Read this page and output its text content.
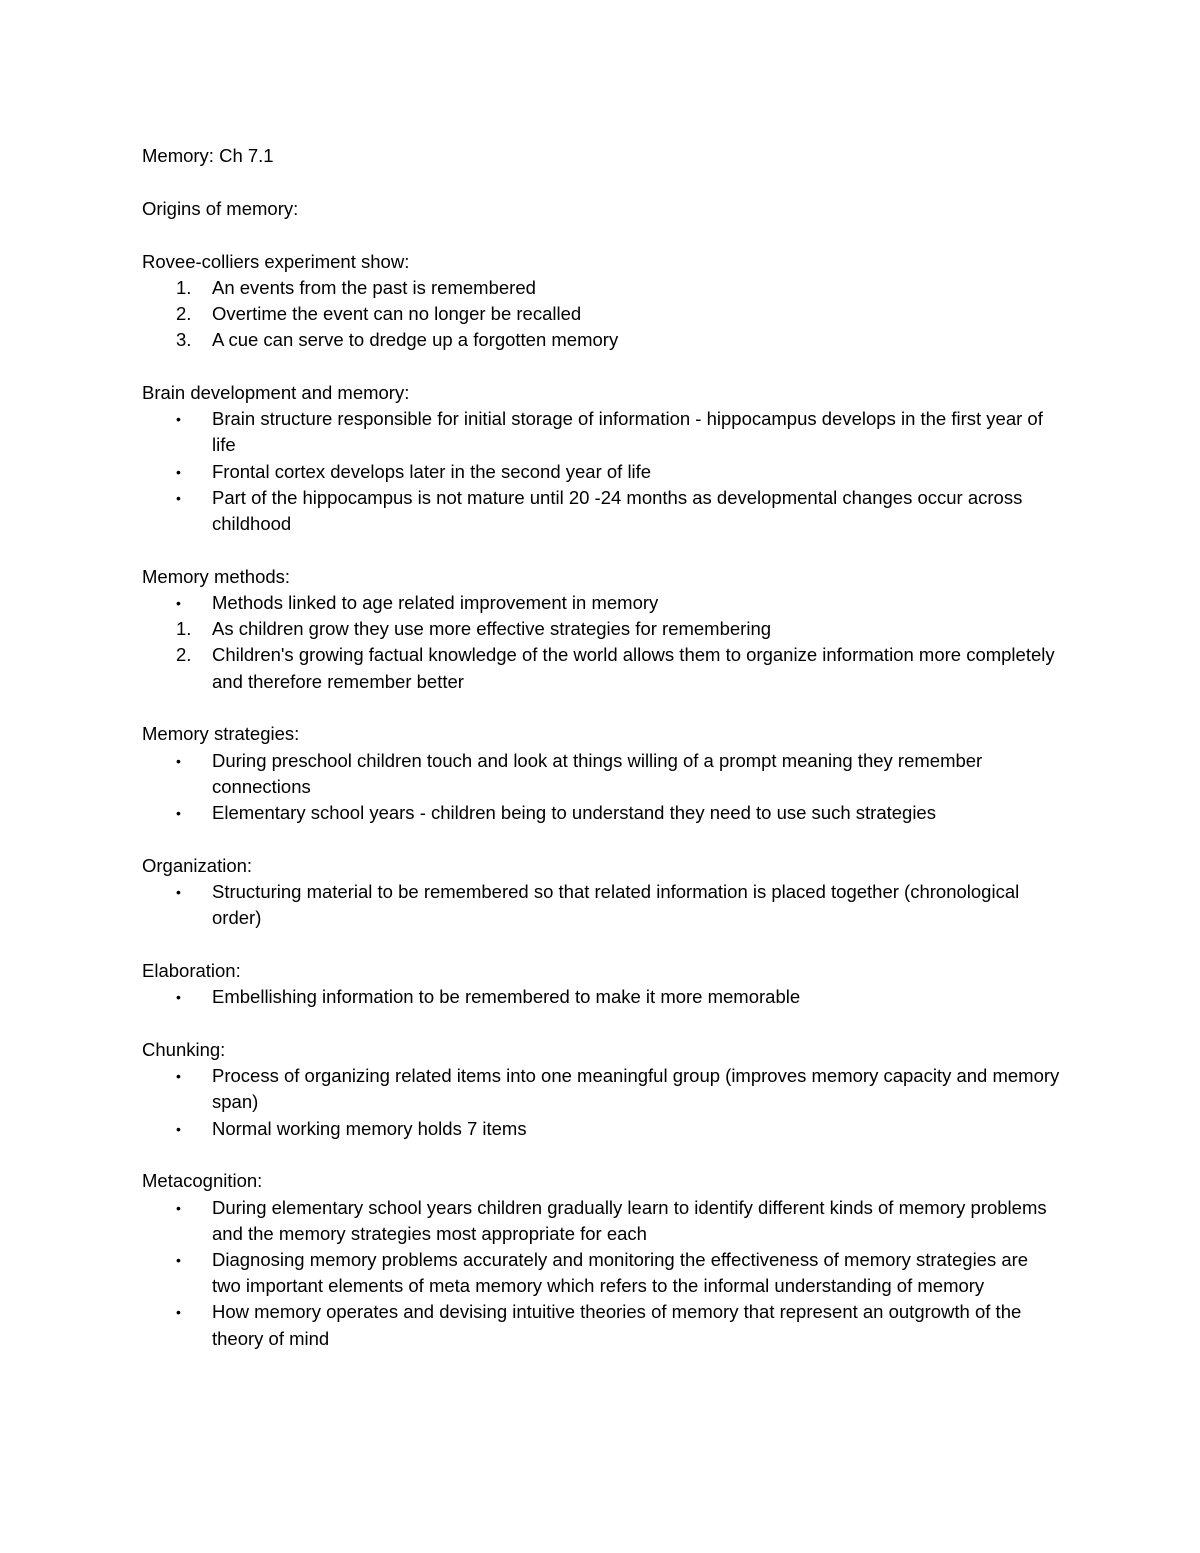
Memory: Ch 7.1

Origins of memory:

Rovee-colliers experiment show:

1. An events from the past is remembered
2. Overtime the event can no longer be recalled
3. A cue can serve to dredge up a forgotten memory

Brain development and memory:

• Brain structure responsible for initial storage of information - hippocampus develops in the first year of life
• Frontal cortex develops later in the second year of life
• Part of the hippocampus is not mature until 20 -24 months as developmental changes occur across childhood

Memory methods:

• Methods linked to age related improvement in memory
1. As children grow they use more effective strategies for remembering
2. Children's growing factual knowledge of the world allows them to organize information more completely and therefore remember better

Memory strategies:

• During preschool children touch and look at things willing of a prompt meaning they remember connections
• Elementary school years - children being to understand they need to use such strategies

Organization:

• Structuring material to be remembered so that related information is placed together (chronological order)

Elaboration:

• Embellishing information to be remembered to make it more memorable

Chunking:

• Process of organizing related items into one meaningful group (improves memory capacity and memory span)
• Normal working memory holds 7 items

Metacognition:

• During elementary school years children gradually learn to identify different kinds of memory problems and the memory strategies most appropriate for each
• Diagnosing memory problems accurately and monitoring the effectiveness of memory strategies are two important elements of meta memory which refers to the informal understanding of memory
• How memory operates and devising intuitive theories of memory that represent an outgrowth of the theory of mind
